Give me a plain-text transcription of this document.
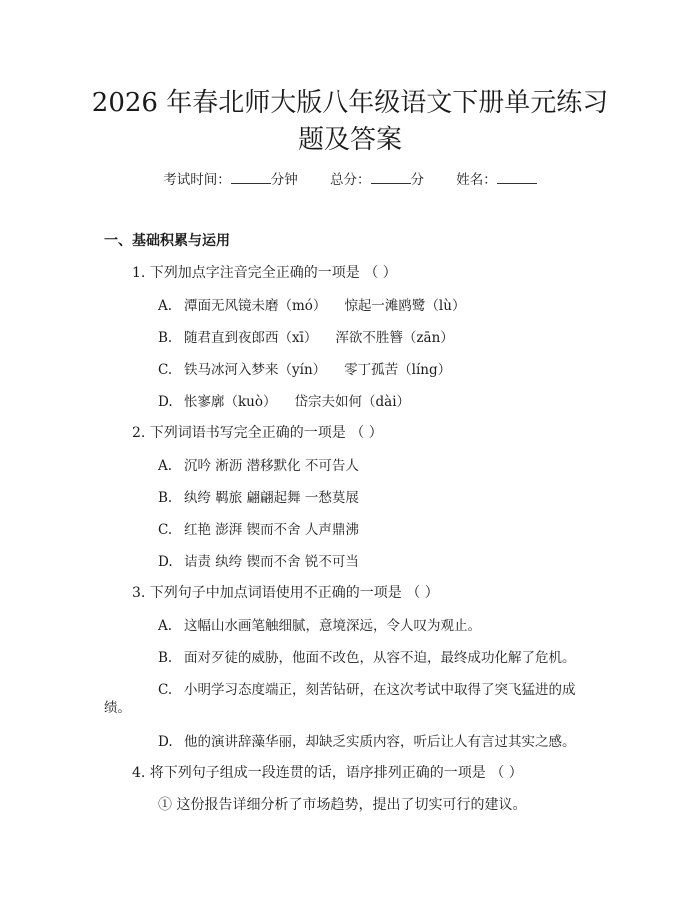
2026 年春北师大版八年级语文下册单元练习
题及答案
考试时间：	分钟 总分：	分 姓名：
一、基础积累与运用
1. 下列加点字注音完全正确的一项是 （ ）
A. 潭面无风镜未磨（mó） 惊起一滩鸥鹭（lù）
B. 随君直到夜郎西（xī） 浑欲不胜簪（zān）
C. 铁马冰河入梦来（yín） 零丁孤苦（líng）
D. 怅寥廓（kuò） 岱宗夫如何（dài）
2. 下列词语书写完全正确的一项是 （ ）
A. 沉吟 淅沥 潜移默化 不可告人
B. 纨绔 羁旅 翩翩起舞 一愁莫展
C. 红艳 澎湃 锲而不舍 人声鼎沸
D. 诘责 纨绔 锲而不舍 锐不可当
3. 下列句子中加点词语使用不正确的一项是 （ ）
A. 这幅山水画笔触细腻，意境深远，令人叹为观止。
B. 面对歹徒的威胁，他面不改色，从容不迫，最终成功化解了危机。
C. 小明学习态度端正，刻苦钻研，在这次考试中取得了突飞猛进的成
绩。
D. 他的演讲辞藻华丽，却缺乏实质内容，听后让人有言过其实之感。
4. 将下列句子组成一段连贯的话，语序排列正确的一项是 （ ）
① 这份报告详细分析了市场趋势，提出了切实可行的建议。
